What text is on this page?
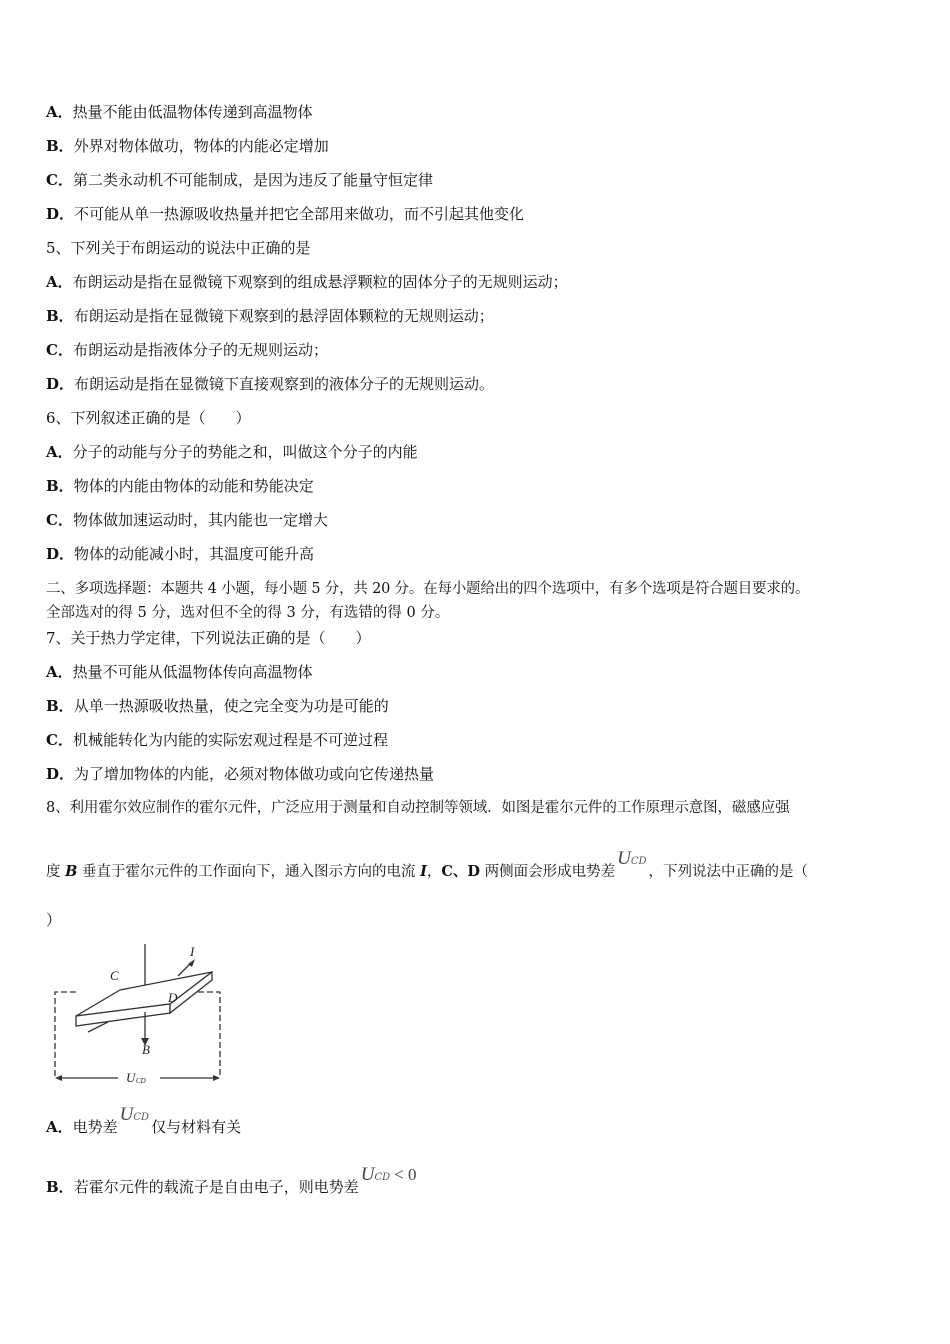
A．热量不能由低温物体传递到高温物体
B．外界对物体做功，物体的内能必定增加
C．第二类永动机不可能制成，是因为违反了能量守恒定律
D．不可能从单一热源吸收热量并把它全部用来做功，而不引起其他变化
5、下列关于布朗运动的说法中正确的是
A．布朗运动是指在显微镜下观察到的组成悬浮颗粒的固体分子的无规则运动；
B．布朗运动是指在显微镜下观察到的悬浮固体颗粒的无规则运动；
C．布朗运动是指液体分子的无规则运动；
D．布朗运动是指在显微镜下直接观察到的液体分子的无规则运动。
6、下列叙述正确的是（　　）
A．分子的动能与分子的势能之和，叫做这个分子的内能
B．物体的内能由物体的动能和势能决定
C．物体做加速运动时，其内能也一定增大
D．物体的动能减小时，其温度可能升高
二、多项选择题：本题共 4 小题，每小题 5 分，共 20 分。在每小题给出的四个选项中，有多个选项是符合题目要求的。
全部选对的得 5 分，选对但不全的得 3 分，有选错的得 0 分。
7、关于热力学定律，下列说法正确的是（　　）
A．热量不可能从低温物体传向高温物体
B．从单一热源吸收热量，使之完全变为功是可能的
C．机械能转化为内能的实际宏观过程是不可逆过程
D．为了增加物体的内能，必须对物体做功或向它传递热量
8、利用霍尔效应制作的霍尔元件，广泛应用于测量和自动控制等领域．如图是霍尔元件的工作原理示意图，磁感应强
度 B 垂直于霍尔元件的工作面向下，通入图示方向的电流 I，C、D 两侧面会形成电势差UCD，下列说法中正确的是（
）
C
D
I
B
U CD
A．电势差UCD仅与材料有关
B．若霍尔元件的载流子是自由电子，则电势差UCD < 0
